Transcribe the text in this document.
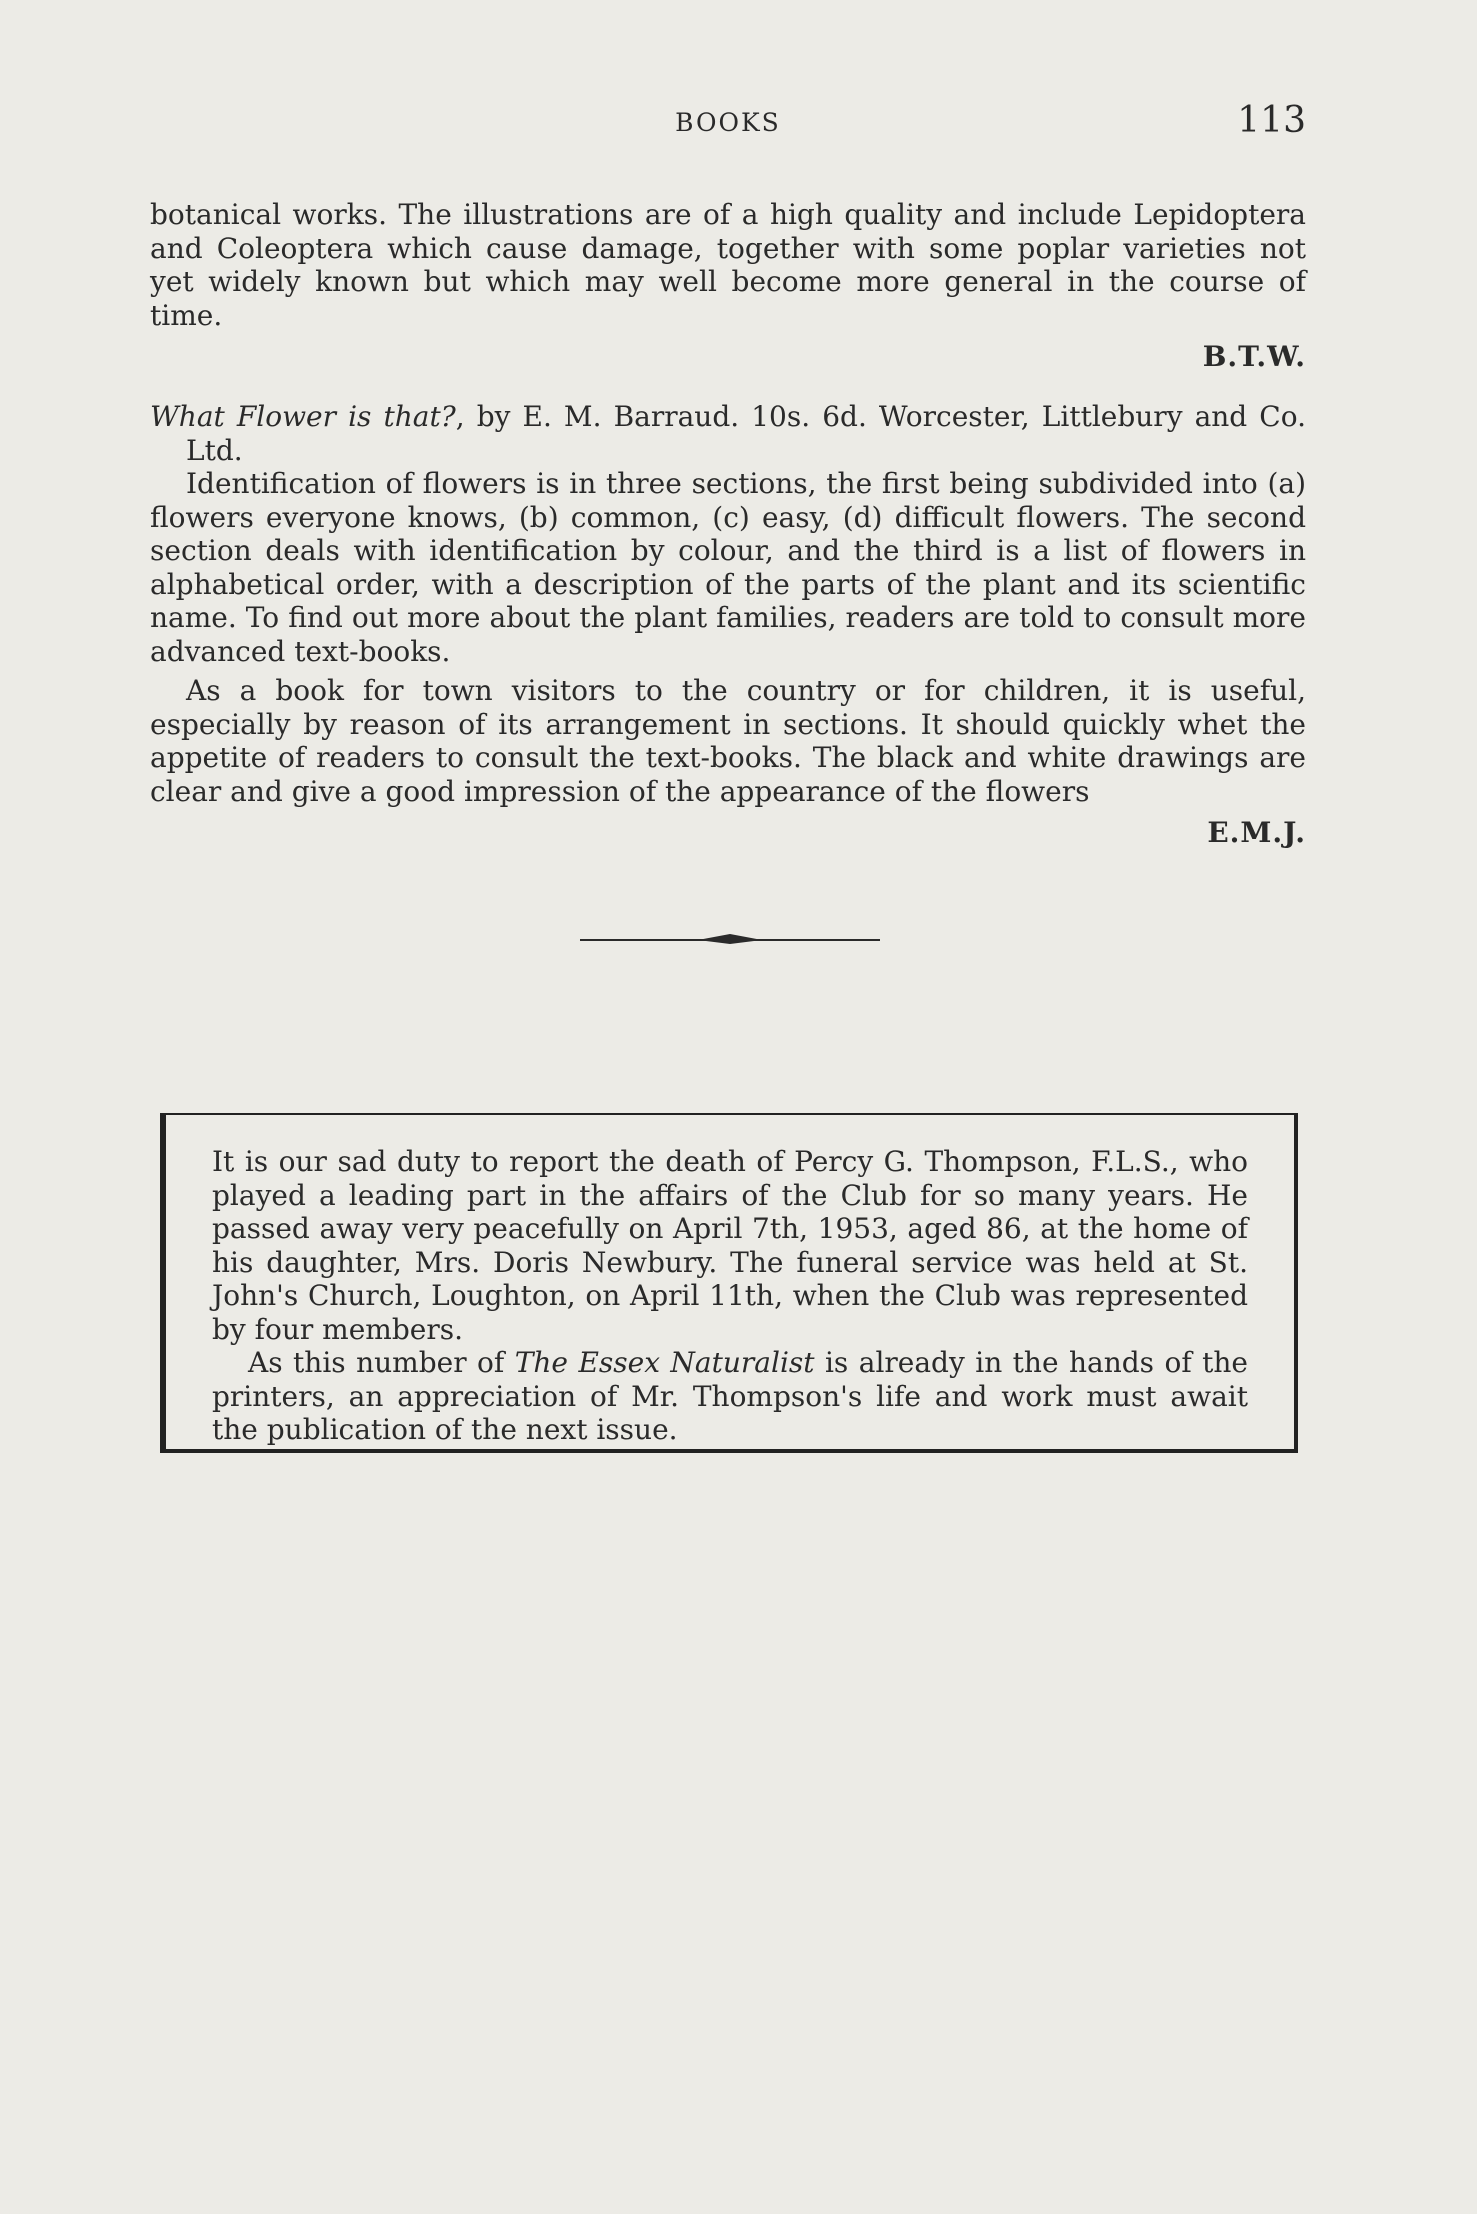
BOOKS	113

botanical works. The illustrations are of a high quality and include Lepidoptera and Coleoptera which cause damage, together with some poplar varieties not yet widely known but which may well become more general in the course of time.

B.T.W.

What Flower is that?, by E. M. Barraud. 10s. 6d. Worcester, Littlebury and Co. Ltd.

Identification of flowers is in three sections, the first being subdivided into (a) flowers everyone knows, (b) common, (c) easy, (d) difficult flowers. The second section deals with identification by colour, and the third is a list of flowers in alphabetical order, with a description of the parts of the plant and its scientific name. To find out more about the plant families, readers are told to consult more advanced text-books.

As a book for town visitors to the country or for children, it is useful, especially by reason of its arrangement in sections. It should quickly whet the appetite of readers to consult the text-books. The black and white drawings are clear and give a good impression of the appearance of the flowers

E.M.J.

It is our sad duty to report the death of Percy G. Thompson, F.L.S., who played a leading part in the affairs of the Club for so many years. He passed away very peacefully on April 7th, 1953, aged 86, at the home of his daughter, Mrs. Doris Newbury. The funeral service was held at St. John's Church, Loughton, on April 11th, when the Club was represented by four members.

As this number of The Essex Naturalist is already in the hands of the printers, an appreciation of Mr. Thompson's life and work must await the publication of the next issue.
